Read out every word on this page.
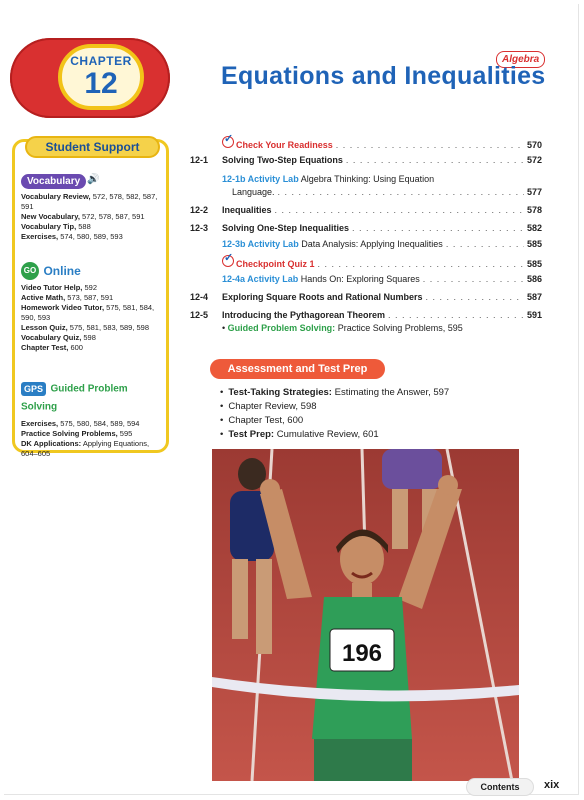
CHAPTER
12
Algebra
Equations and Inequalities
Student Support
Vocabulary 🔊
Vocabulary Review, 572, 578, 582, 587, 591
New Vocabulary, 572, 578, 587, 591
Vocabulary Tip, 588
Exercises, 574, 580, 589, 593
GO Online
Video Tutor Help, 592
Active Math, 573, 587, 591
Homework Video Tutor, 575, 581, 584, 590, 593
Lesson Quiz, 575, 581, 583, 589, 598
Vocabulary Quiz, 598
Chapter Test, 600
GPS Guided Problem Solving
Exercises, 575, 580, 584, 589, 594
Practice Solving Problems, 595
DK Applications: Applying Equations, 604–605
✓
Check Your Readiness . . .	570
12-1 Solving Two-Step Equations . . .	572
12-1b Activity Lab Algebra Thinking: Using Equation
Language. . . .	577
12-2 Inequalities . . .	578
12-3 Solving One-Step Inequalities . . .	582
12-3b Activity Lab Data Analysis: Applying Inequalities . . .	585
✓
Checkpoint Quiz 1 . . .	585
12-4a Activity Lab Hands On: Exploring Squares . . .	586
12-4 Exploring Square Roots and Rational Numbers . . .	587
12-5 Introducing the Pythagorean Theorem . . .	591
• Guided Problem Solving: Practice Solving Problems, 595
Assessment and Test Prep
• Test-Taking Strategies: Estimating the Answer, 597
• Chapter Review, 598
• Chapter Test, 600
• Test Prep: Cumulative Review, 601
196
Contents	xix
